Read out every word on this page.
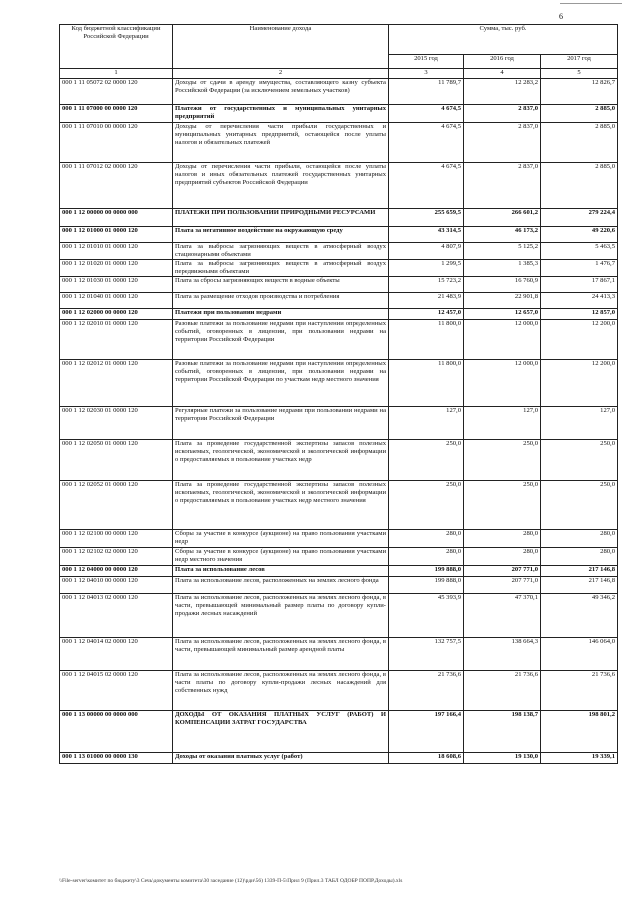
6
Код бюджетной классификации Российской Федерации	Наименование дохода	Сумма, тыс. руб.		
		2015 год	2016 год	2017 год
1	2	3	4	5
000 1 11 05072 02 0000 120	Доходы от сдачи в аренду имущества, составляющего казну субъекта Российской Федерации (за исключением земельных участков)	11 789,7	12 283,2	12 826,7
000 1 11 07000 00 0000 120	Платежи от государственных и муниципальных унитарных предприятий	4 674,5	2 837,0	2 885,0
000 1 11 07010 00 0000 120	Доходы от перечисления части прибыли государственных и муниципальных унитарных предприятий, остающейся после уплаты налогов и обязательных платежей	4 674,5	2 837,0	2 885,0
000 1 11 07012 02 0000 120	Доходы от перечисления части прибыли, остающейся после уплаты налогов и иных обязательных платежей государственных унитарных предприятий субъектов Российской Федерации	4 674,5	2 837,0	2 885,0
000 1 12 00000 00 0000 000	ПЛАТЕЖИ ПРИ ПОЛЬЗОВАНИИ ПРИРОДНЫМИ РЕСУРСАМИ	255 659,5	266 601,2	279 224,4
000 1 12 01000 01 0000 120	Плата за негативное воздействие на окружающую среду	43 314,5	46 173,2	49 220,6
000 1 12 01010 01 0000 120	Плата за выбросы загрязняющих веществ в атмосферный воздух стационарными объектами	4 807,9	5 125,2	5 463,5
000 1 12 01020 01 0000 120	Плата за выбросы загрязняющих веществ в атмосферный воздух передвижными объектами	1 299,5	1 385,3	1 476,7
000 1 12 01030 01 0000 120	Плата за сбросы загрязняющих веществ в водные объекты	15 723,2	16 760,9	17 867,1
000 1 12 01040 01 0000 120	Плата за размещение отходов производства и потребления	21 483,9	22 901,8	24 413,3
000 1 12 02000 00 0000 120	Платежи при пользовании недрами	12 457,0	12 657,0	12 857,0
000 1 12 02010 01 0000 120	Разовые платежи за пользование недрами при наступлении определенных событий, оговоренных в лицензии, при пользовании недрами на территории Российской Федерации	11 800,0	12 000,0	12 200,0
000 1 12 02012 01 0000 120	Разовые платежи за пользование недрами при наступлении определенных событий, оговоренных в лицензии, при пользовании недрами на территории Российской Федерации по участкам недр местного значения	11 800,0	12 000,0	12 200,0
000 1 12 02030 01 0000 120	Регулярные платежи за пользование недрами при пользовании недрами на территории Российской Федерации	127,0	127,0	127,0
000 1 12 02050 01 0000 120	Плата за проведение государственной экспертизы запасов полезных ископаемых, геологической, экономической и экологической информации о предоставляемых в пользование участках недр	250,0	250,0	250,0
000 1 12 02052 01 0000 120	Плата за проведение государственной экспертизы запасов полезных ископаемых, геологической, экономической и экологической информации о предоставляемых в пользование участках недр местного значения	250,0	250,0	250,0
000 1 12 02100 00 0000 120	Сборы за участие в конкурсе (аукционе) на право пользования участками недр	280,0	280,0	280,0
000 1 12 02102 02 0000 120	Сборы за участие в конкурсе (аукционе) на право пользования участками недр местного значения	280,0	280,0	280,0
000 1 12 04000 00 0000 120	Плата за использование лесов	199 888,0	207 771,0	217 146,8
000 1 12 04010 00 0000 120	Плата за использование лесов, расположенных на землях лесного фонда	199 888,0	207 771,0	217 146,8
000 1 12 04013 02 0000 120	Плата за использование лесов, расположенных на землях лесного фонда, в части, превышающей минимальный размер платы по договору купли-продажи лесных насаждений	45 393,9	47 370,1	49 346,2
000 1 12 04014 02 0000 120	Плата за использование лесов, расположенных на землях лесного фонда, в части, превышающей минимальный размер арендной платы	132 757,5	138 664,3	146 064,0
000 1 12 04015 02 0000 120	Плата за использование лесов, расположенных на землях лесного фонда, в части платы по договору купли-продажи лесных насаждений для собственных нужд	21 736,6	21 736,6	21 736,6
000 1 13 00000 00 0000 000	ДОХОДЫ ОТ ОКАЗАНИЯ ПЛАТНЫХ УСЛУГ (РАБОТ) И КОМПЕНСАЦИИ ЗАТРАТ ГОСУДАРСТВА	197 166,4	198 138,7	198 801,2
000 1 13 01000 00 0000 130	Доходы от оказания платных услуг (работ)	18 608,6	19 130,0	19 339,1
\\File-server\комитет по бюджету\3 Сечь\документы комитета\30 заседание (12)\рди\56) 1339-П-5\Прил 9 (Прил.3 ТАБЛ ОДОБР ПОПР.Доходы).xls
